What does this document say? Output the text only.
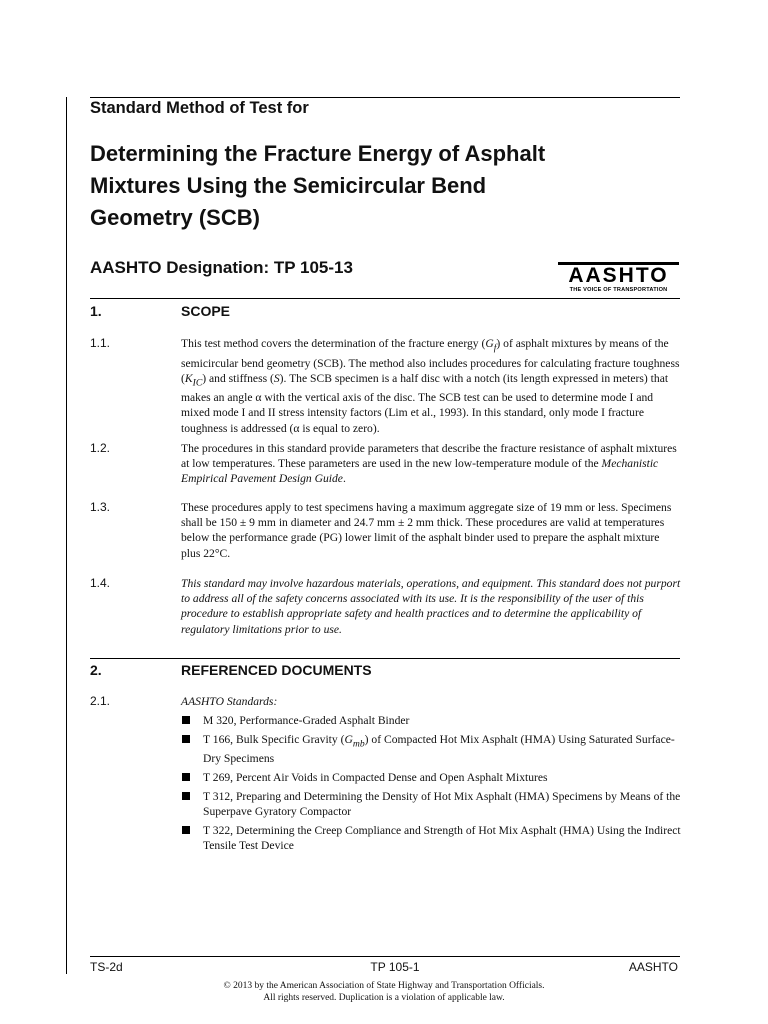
Standard Method of Test for
Determining the Fracture Energy of Asphalt
Mixtures Using the Semicircular Bend
Geometry (SCB)
AASHTO Designation: TP 105-13	AASHTO
THE VOICE OF TRANSPORTATION
1.	SCOPE
1.1.	This test method covers the determination of the fracture energy $(G_f)$ of asphalt mixtures by means of the semicircular bend geometry (SCB). The method also includes procedures for calculating fracture toughness $(K_{IC})$ and stiffness (S). The SCB specimen is a half disc with a notch (its length expressed in meters) that makes an angle α with the vertical axis of the disc. The SCB test can be used to determine mode I and mixed mode I and II stress intensity factors (Lim et al., 1993). In this standard, only mode I fracture toughness is addressed (α is equal to zero).
1.2.	The procedures in this standard provide parameters that describe the fracture resistance of asphalt mixtures at low temperatures. These parameters are used in the new low-temperature module of the Mechanistic Empirical Pavement Design Guide.
1.3.	These procedures apply to test specimens having a maximum aggregate size of 19 mm or less. Specimens shall be 150 ± 9 mm in diameter and 24.7 mm ± 2 mm thick. These procedures are valid at temperatures below the performance grade (PG) lower limit of the asphalt binder used to prepare the asphalt mixture plus 22°C.
1.4.	This standard may involve hazardous materials, operations, and equipment. This standard does not purport to address all of the safety concerns associated with its use. It is the responsibility of the user of this procedure to establish appropriate safety and health practices and to determine the applicability of regulatory limitations prior to use.
2.	REFERENCED DOCUMENTS
2.1.	AASHTO Standards:
M 320, Performance-Graded Asphalt Binder
T 166, Bulk Specific Gravity $(G_{mb})$ of Compacted Hot Mix Asphalt (HMA) Using Saturated Surface-Dry Specimens
T 269, Percent Air Voids in Compacted Dense and Open Asphalt Mixtures
T 312, Preparing and Determining the Density of Hot Mix Asphalt (HMA) Specimens by Means of the Superpave Gyratory Compactor
T 322, Determining the Creep Compliance and Strength of Hot Mix Asphalt (HMA) Using the Indirect Tensile Test Device
TS-2d	TP 105-1	AASHTO
© 2013 by the American Association of State Highway and Transportation Officials.
All rights reserved. Duplication is a violation of applicable law.
